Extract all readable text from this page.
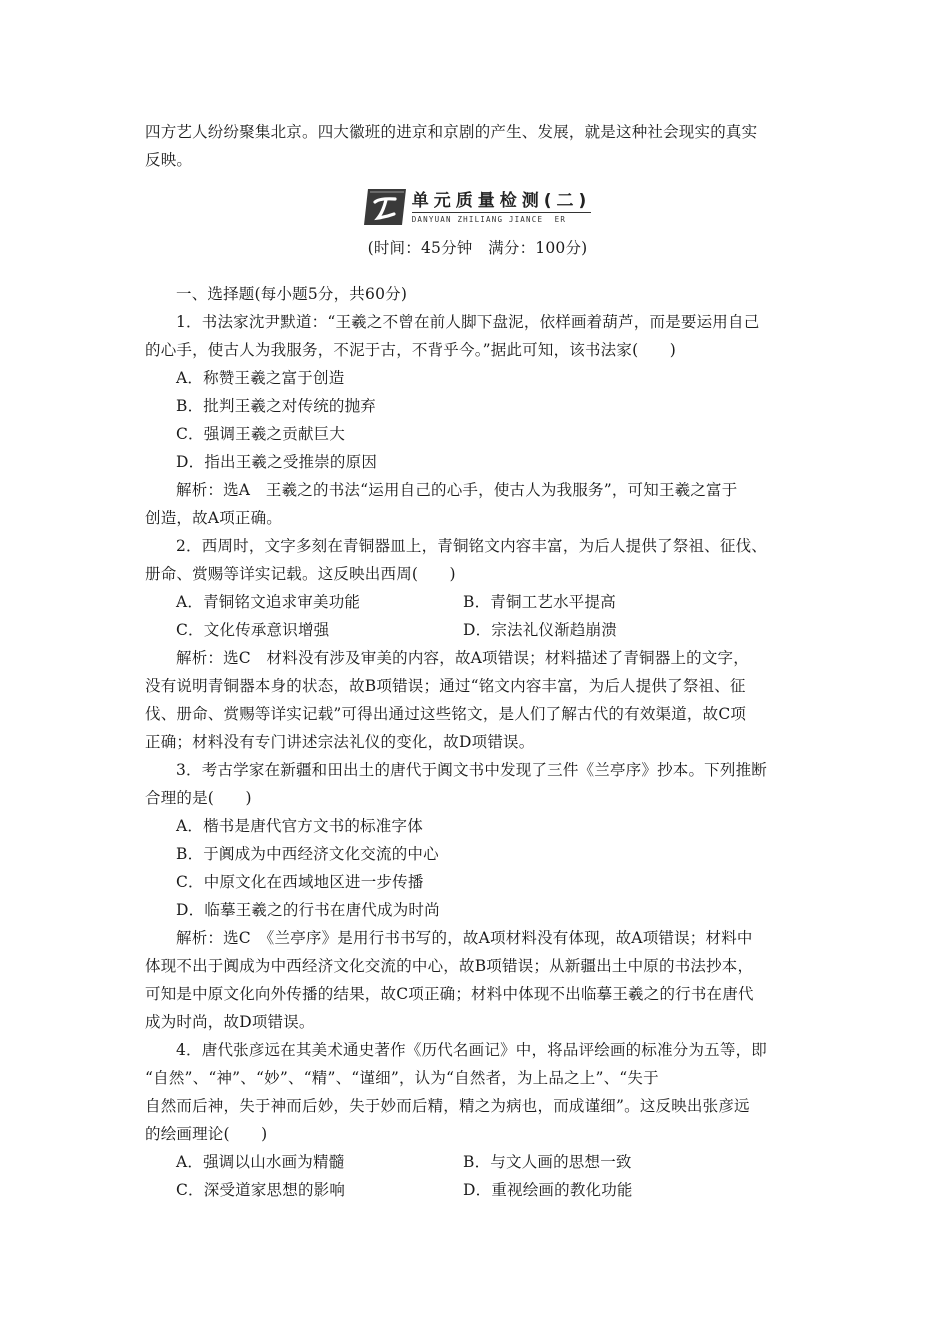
四方艺人纷纷聚集北京。四大徽班的进京和京剧的产生、发展，就是这种社会现实的真实

反映。

单元质量检测(二)
DANYUAN ZHILIANG JIANCE  ER

(时间：45分钟　满分：100分)

一、选择题(每小题5分，共60分)

1．书法家沈尹默道：“王羲之不曾在前人脚下盘泥，依样画着葫芦，而是要运用自己

的心手，使古人为我服务，不泥于古，不背乎今。”据此可知，该书法家(　　)

A．称赞王羲之富于创造

B．批判王羲之对传统的抛弃

C．强调王羲之贡献巨大

D．指出王羲之受推崇的原因

解析：选A　王羲之的书法“运用自己的心手，使古人为我服务”，可知王羲之富于

创造，故A项正确。

2．西周时，文字多刻在青铜器皿上，青铜铭文内容丰富，为后人提供了祭祖、征伐、

册命、赏赐等详实记载。这反映出西周(　　)

A．青铜铭文追求审美功能	B．青铜工艺水平提高
C．文化传承意识增强	D．宗法礼仪渐趋崩溃

解析：选C　材料没有涉及审美的内容，故A项错误；材料描述了青铜器上的文字，

没有说明青铜器本身的状态，故B项错误；通过“铭文内容丰富，为后人提供了祭祖、征

伐、册命、赏赐等详实记载”可得出通过这些铭文，是人们了解古代的有效渠道，故C项

正确；材料没有专门讲述宗法礼仪的变化，故D项错误。

3．考古学家在新疆和田出土的唐代于阗文书中发现了三件《兰亭序》抄本。下列推断

合理的是(　　)

A．楷书是唐代官方文书的标准字体

B．于阗成为中西经济文化交流的中心

C．中原文化在西域地区进一步传播

D．临摹王羲之的行书在唐代成为时尚

解析：选C　《兰亭序》是用行书书写的，故A项材料没有体现，故A项错误；材料中

体现不出于阗成为中西经济文化交流的中心，故B项错误；从新疆出土中原的书法抄本，

可知是中原文化向外传播的结果，故C项正确；材料中体现不出临摹王羲之的行书在唐代

成为时尚，故D项错误。

4．唐代张彦远在其美术通史著作《历代名画记》中，将品评绘画的标准分为五等，即

“自然”、“神”、“妙”、“精”、“谨细”，认为“自然者，为上品之上”、“失于

自然而后神，失于神而后妙，失于妙而后精，精之为病也，而成谨细”。这反映出张彦远

的绘画理论(　　)

A．强调以山水画为精髓	B．与文人画的思想一致
C．深受道家思想的影响	D．重视绘画的教化功能
